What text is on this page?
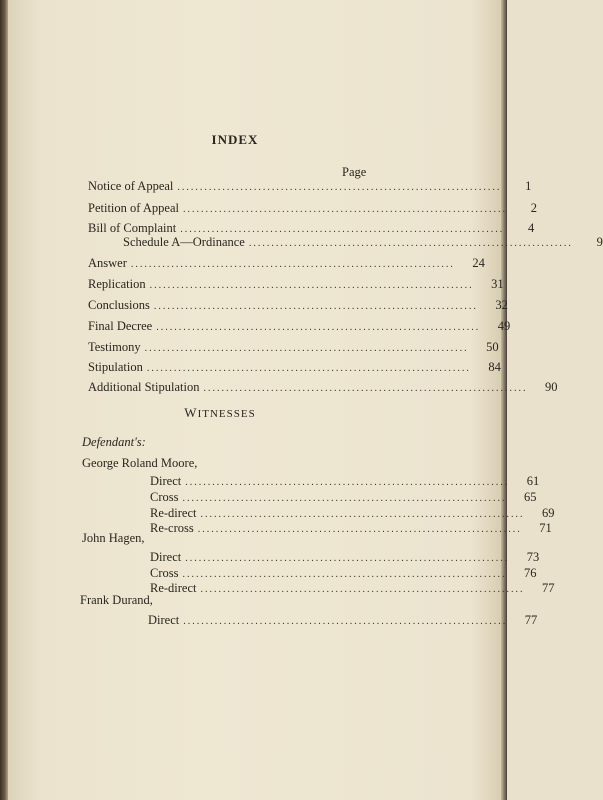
INDEX
Page
Notice of Appeal ........................................................................	1
Petition of Appeal ........................................................................	2
Bill of Complaint ........................................................................	4
Schedule A—Ordinance ........................................................................	9
Answer ........................................................................	24
Replication ........................................................................	31
Conclusions ........................................................................	32
Final Decree ........................................................................	49
Testimony ........................................................................	50
Stipulation ........................................................................	84
Additional Stipulation ........................................................................	90
WITNESSES
Defendant's:
George Roland Moore,
Direct ........................................................................	61
Cross ........................................................................	65
Re-direct ........................................................................	69
Re-cross ........................................................................	71
John Hagen,
Direct ........................................................................	73
Cross ........................................................................	76
Re-direct ........................................................................	77
Frank Durand,
Direct ........................................................................	77
